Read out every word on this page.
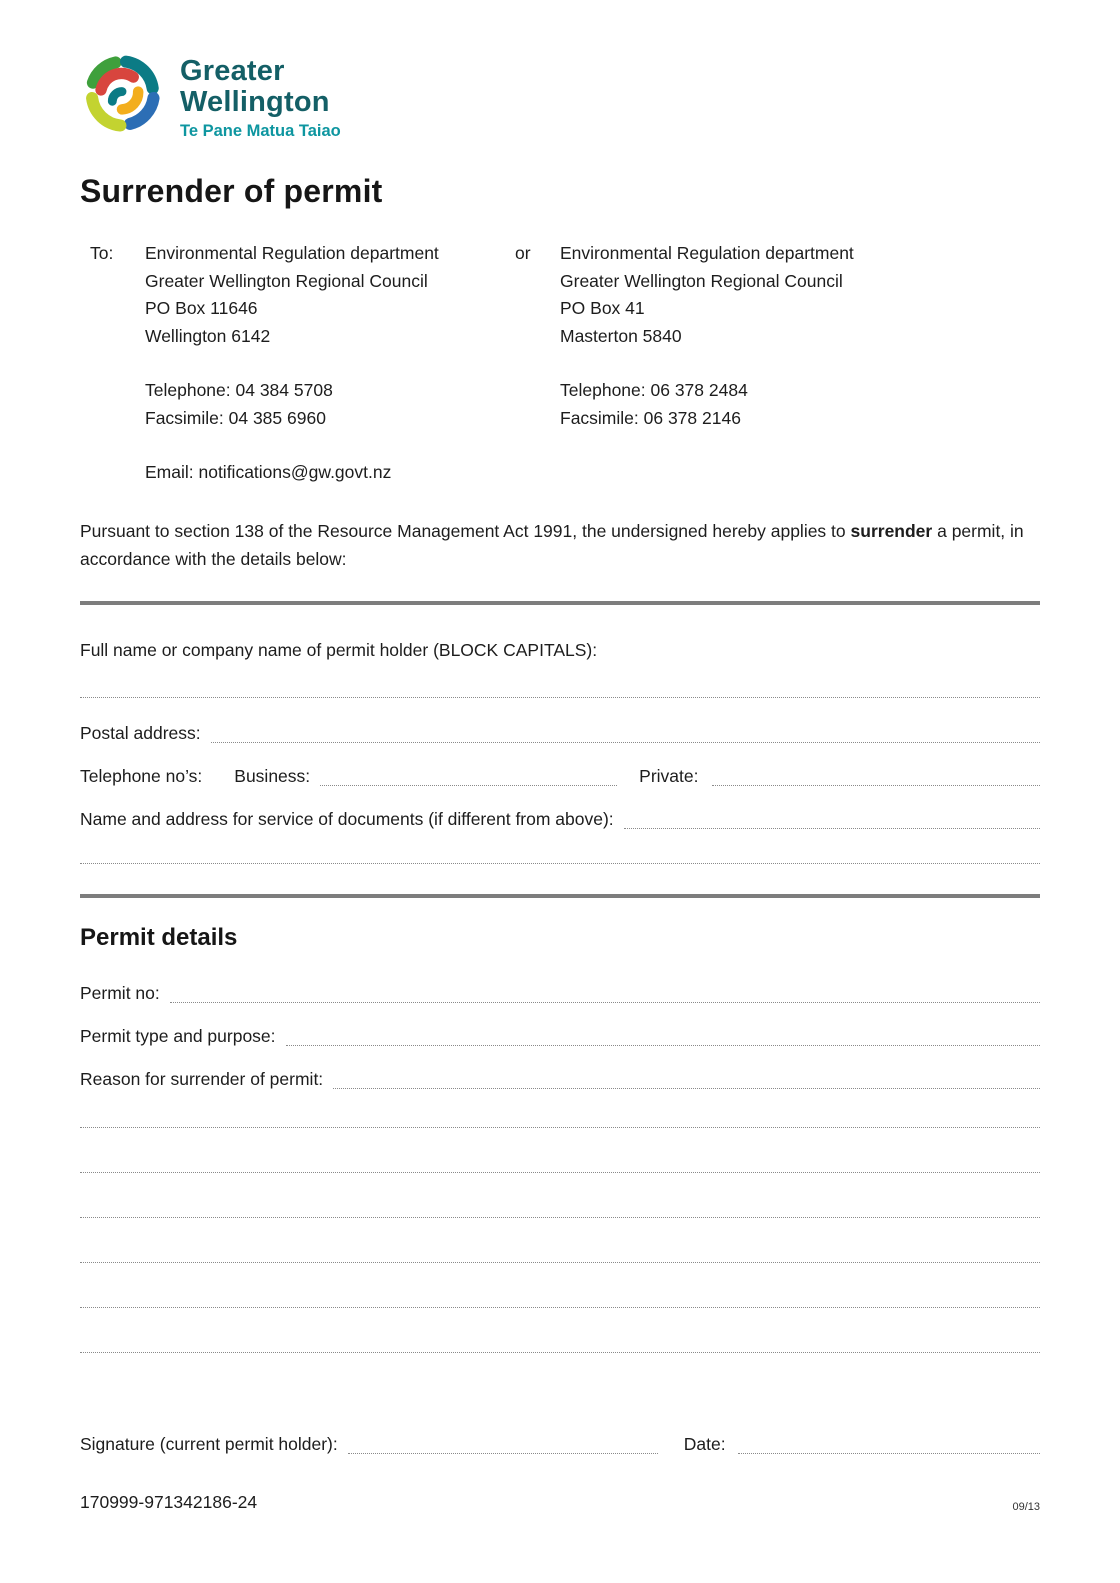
Greater
Wellington
Te Pane Matua Taiao
Surrender of permit
To:	Environmental Regulation department
Greater Wellington Regional Council
PO Box 11646
Wellington 6142
Telephone: 04 384 5708
Facsimile: 04 385 6960
or	Environmental Regulation department
Greater Wellington Regional Council
PO Box 41
Masterton 5840
Telephone: 06 378 2484
Facsimile: 06 378 2146
Email: notifications@gw.govt.nz

Pursuant to section 138 of the Resource Management Act 1991, the undersigned hereby applies to surrender a permit, in accordance with the details below:

Full name or company name of permit holder (BLOCK CAPITALS):
Postal address:
Telephone no’s:	Business:	Private:
Name and address for service of documents (if different from above):
Permit details
Permit no:
Permit type and purpose:
Reason for surrender of permit:
Signature (current permit holder):	Date:
170999-971342186-24	09/13
